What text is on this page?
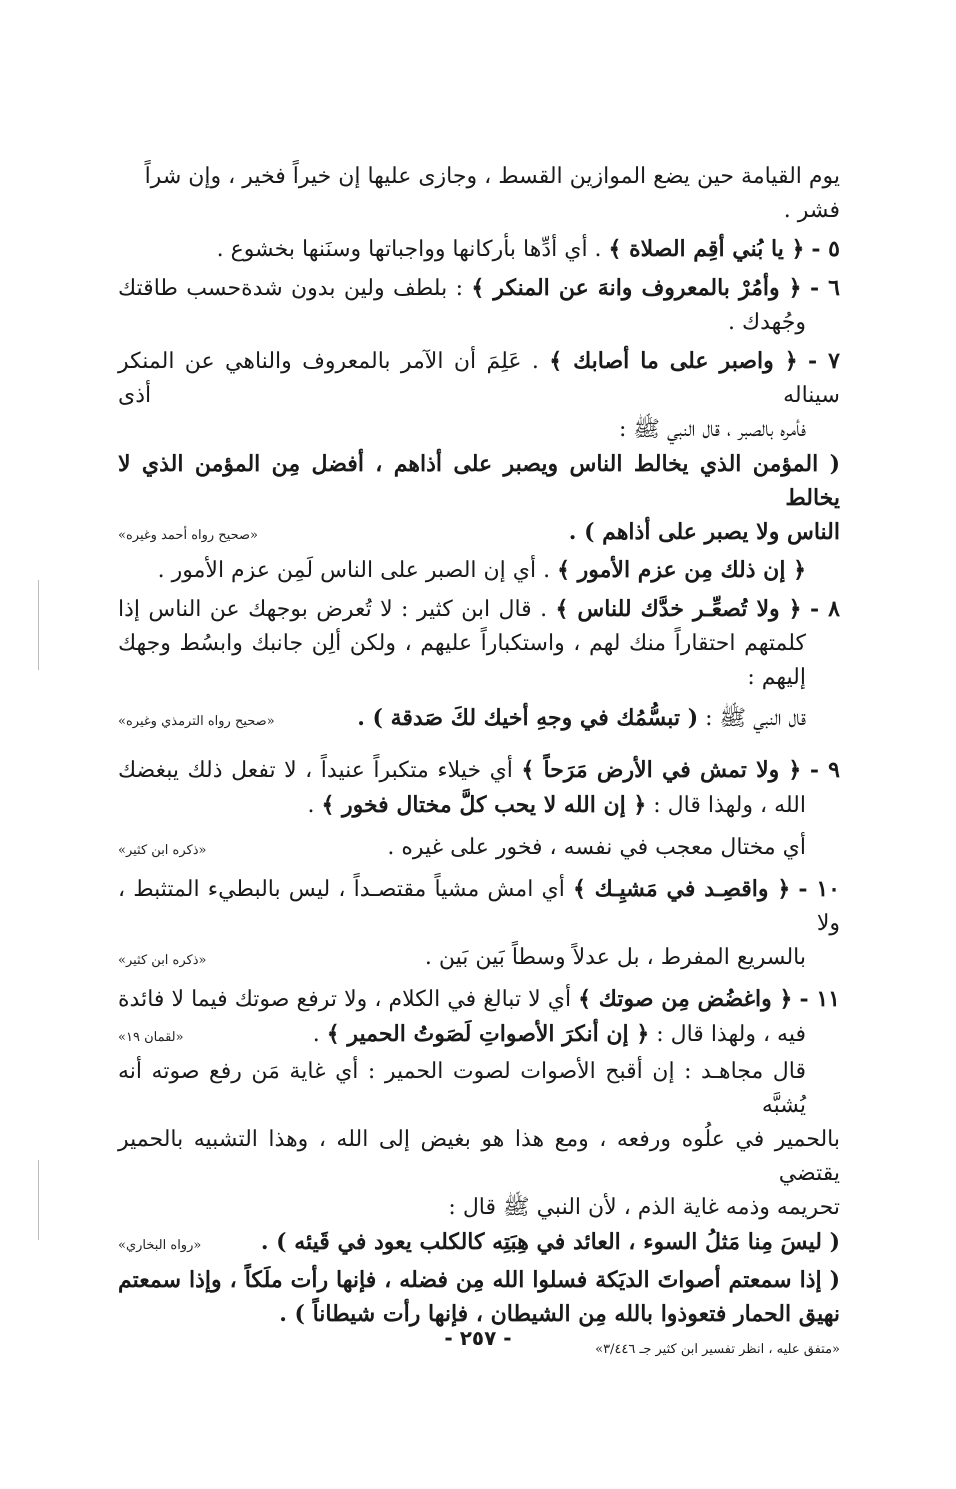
يوم القيامة حين يضع الموازين القسط ، وجازى عليها إن خيراً فخير ، وإن شراً فشر .

٥ - ﴿ يا بُني أقِم الصلاة ﴾ . أي أدِّها بأركانها وواجباتها وسنَنها بخشوع .
٦ - ﴿ وأمُرْ بالمعروف وانهَ عن المنكر ﴾ : بلطف ولين بدون شدةحسب طاقتك
وجُهدك .
٧ - ﴿ واصبر على ما أصابك ﴾ . عَلِمَ أن الآمر بالمعروف والناهي عن المنكر سيناله أذى
فأمره بالصبر ، قال النبي ﷺ :
( المؤمن الذي يخالط الناس ويصبر على أذاهم ، أفضل مِن المؤمن الذي لا يخالط
الناس ولا يصبر على أذاهم ) .
«صحيح رواه أحمد وغيره»
﴿ إن ذلك مِن عزم الأمور ﴾ . أي إن الصبر على الناس لَمِن عزم الأمور .
٨ - ﴿ ولا تُصعِّـر خدَّك للناس ﴾ . قال ابن كثير : لا تُعرض بوجهك عن الناس إذا
كلمتهم احتقاراً منك لهم ، واستكباراً عليهم ، ولكن ألِن جانبك وابسُط وجهك
إليهم :
قال النبي ﷺ : ( تبسُّمُك في وجهِ أخيك لكَ صَدقة ) .
«صحيح رواه الترمذي وغيره»
٩ - ﴿ ولا تمش في الأرض مَرَحاً ﴾ أي خيلاء متكبراً عنيداً ، لا تفعل ذلك يبغضك
الله ، ولهذا قال : ﴿ إن الله لا يحب كلَّ مختال فخور ﴾ .
أي مختال معجب في نفسه ، فخور على غيره .
«ذكره ابن كثير»
١٠ - ﴿ واقصِـد في مَشيِـك ﴾ أي امش مشياً مقتصـداً ، ليس بالبطيء المتثبط ، ولا
بالسريع المفرط ، بل عدلاً وسطاً بَين بَين .
«ذكره ابن كثير»
١١ - ﴿ واغضُض مِن صوتك ﴾ أي لا تبالغ في الكلام ، ولا ترفع صوتك فيما لا فائدة
فيه ، ولهذا قال : ﴿ إن أنكرَ الأصواتِ لَصَوتُ الحمير ﴾ .
«لقمان ١٩»
قال مجاهـد : إن أقبح الأصوات لصوت الحمير : أي غاية مَن رفع صوته أنه يُشبَّه
بالحمير في علُوه ورفعه ، ومع هذا هو بغيض إلى الله ، وهذا التشبيه بالحمير يقتضي
تحريمه وذمه غاية الذم ، لأن النبي ﷺ قال :
( ليسَ مِنا مَثلُ السوء ، العائد في هِبَتِه كالكلب يعود في قَيئه ) .
«رواه البخاري»
( إذا سمعتم أصواتَ الديَكة فسلوا الله مِن فضله ، فإنها رأت ملَكاً ، وإذا سمعتم
نهيق الحمار فتعوذوا بالله مِن الشيطان ، فإنها رأت شيطاناً ) .
«متفق عليه ، انظر تفسير ابن كثير جـ ٣/٤٤٦»
- ٢٥٧ -
